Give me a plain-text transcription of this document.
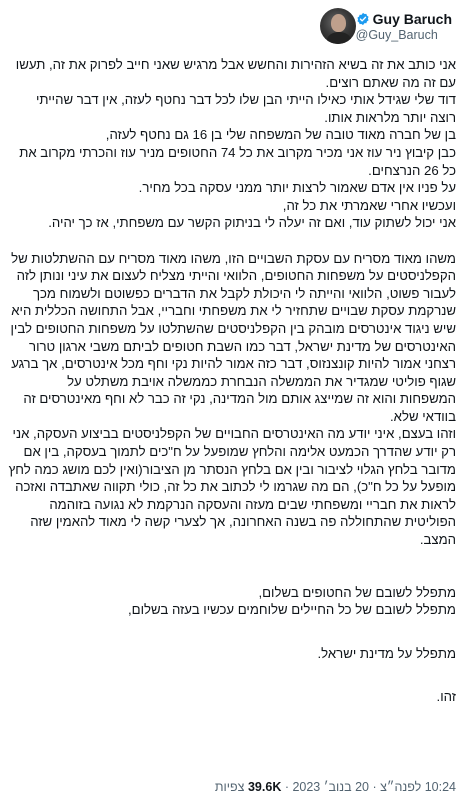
Guy Baruch
@Guy_Baruch

אני כותב את זה בשיא הזהירות והחשש אבל מרגיש שאני חייב לפרוק את זה, תעשו עם זה מה שאתם רוצים.

דוד שלי שגידל אותי כאילו הייתי הבן שלו לכל דבר נחטף לעזה, אין דבר שהייתי רוצה יותר מלראות אותו.

בן של חברה מאוד טובה של המשפחה שלי בן 16 גם נחטף לעזה,

כבן קיבוץ ניר עוז אני מכיר מקרוב את כל 74 החטופים מניר עוז והכרתי מקרוב את כל 26 הנרצחים.

על פניו אין אדם שאמור לרצות יותר ממני עסקה בכל מחיר.

ועכשיו אחרי שאמרתי את כל זה,

אני יכול לשתוק עוד, ואם זה יעלה לי בניתוק הקשר עם משפחתי, אז כך יהיה.

משהו מאוד מסריח עם עסקת השבויים הזו, משהו מאוד מסריח עם ההשתלטות של הקפלניסטים על משפחות החטופים, הלוואי והייתי מצליח לעצום את עיני ונותן לזה לעבור פשוט, הלוואי והייתה לי היכולת לקבל את הדברים כפשוטם ולשמוח מכך שנרקמת עסקת שבויים שתחזיר לי את משפחתי וחבריי, אבל התחושה הכללית היא שיש ניגוד אינטרסים מובהק בין הקפלניסטים שהשתלטו על משפחות החטופים לבין האינטרסים של מדינת ישראל, דבר כמו השבת חטופים לביתם משבי ארגון טרור רצחני אמור להיות קונצנזוס, דבר כזה אמור להיות נקי וחף מכל אינטרסים, אך ברגע שגוף פוליטי שמגדיר את הממשלה הנבחרת כממשלה אויבת משתלט על המשפחות והוא זה שמייצג אותם מול המדינה, נקי זה כבר לא וחף מאינטרסים זה בוודאי שלא.

וזהו בעצם, איני יודע מה האינטרסים החבויים של הקפלניסטים בביצוע העסקה, אני רק יודע שהדרך הכמעט אלימה והלחץ שמופעל על ח"כים לתמוך בעסקה, בין אם מדובר בלחץ הגלוי לציבור ובין אם בלחץ הנסתר מן הציבור(ואין לכם מושג כמה לחץ מופעל על כל ח"כ), הם מה שגרמו לי לכתוב את כל זה, כולי תקווה שאתבדה ואזכה לראות את חבריי ומשפחתי שבים מעזה והעסקה הנרקמת לא נגועה בזוהמה הפוליטית שהתחוללה פה בשנה האחרונה, אך לצערי קשה לי מאוד להאמין שזה המצב.

מתפלל לשובם של החטופים בשלום,

מתפלל לשובם של כל החיילים שלוחמים עכשיו בעזה בשלום,

מתפלל על מדינת ישראל.

זהו.

10:24 לפנה״צ · 20 בנוב׳ 2023 · 39.6K צפיות
